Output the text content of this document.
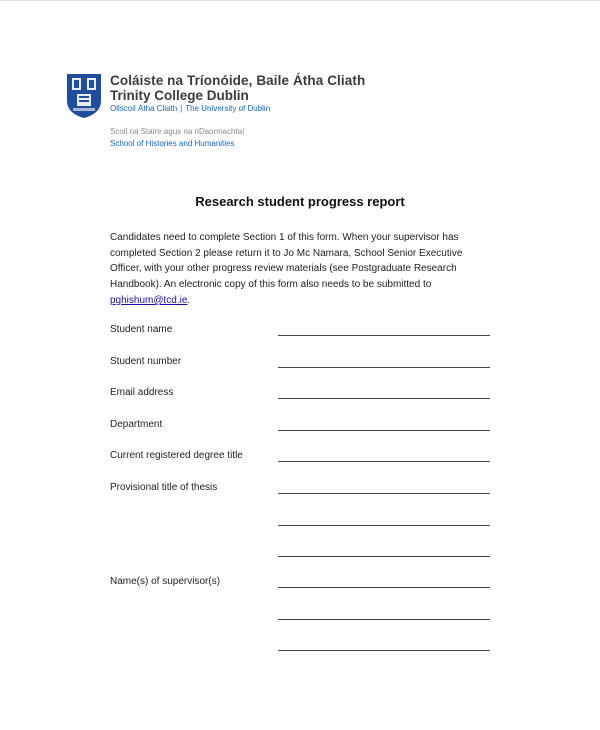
Coláiste na Tríonóide, Baile Átha Cliath
Trinity College Dublin
Ollscoil Átha Cliath | The University of Dublin
Scoil na Staire agus na nDaonnachtaí
School of Histories and Humanities
Research student progress report
Candidates need to complete Section 1 of this form. When your supervisor has completed Section 2 please return it to Jo Mc Namara, School Senior Executive Officer, with your other progress review materials (see Postgraduate Research Handbook). An electronic copy of this form also needs to be submitted to pghishum@tcd.ie.
Student name
Student number
Email address
Department
Current registered degree title
Provisional title of thesis
Name(s) of supervisor(s)
